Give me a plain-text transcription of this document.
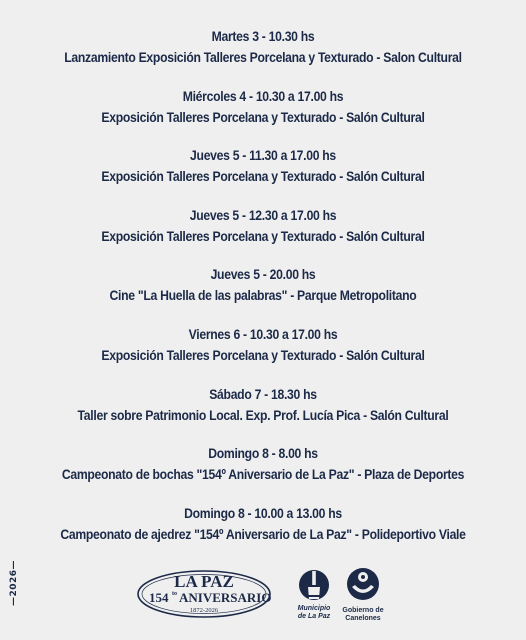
Martes 3 - 10.30 hs
Lanzamiento Exposición Talleres Porcelana y Texturado - Salon Cultural
Miércoles 4 - 10.30 a 17.00 hs
Exposición Talleres Porcelana y Texturado - Salón Cultural
Jueves 5 - 11.30 a 17.00 hs
Exposición Talleres Porcelana y Texturado - Salón Cultural
Jueves 5 - 12.30 a 17.00 hs
Exposición Talleres Porcelana y Texturado - Salón Cultural
Jueves 5 - 20.00 hs
Cine "La Huella de las palabras" - Parque Metropolitano
Viernes 6 - 10.30 a 17.00 hs
Exposición Talleres Porcelana y Texturado - Salón Cultural
Sábado 7 - 18.30 hs
Taller sobre Patrimonio Local. Exp. Prof. Lucía Pica - Salón Cultural
Domingo 8 - 8.00 hs
Campeonato de bochas "154º Aniversario de La Paz" - Plaza de Deportes
Domingo 8 - 10.00 a 13.00 hs
Campeonato de ajedrez "154º Aniversario de La Paz" - Polideportivo Viale
—2026—	LA PAZ
154 to ANIVERSARIO
1872-2026	Municipio
de La Paz
Gobierno de
Canelones
